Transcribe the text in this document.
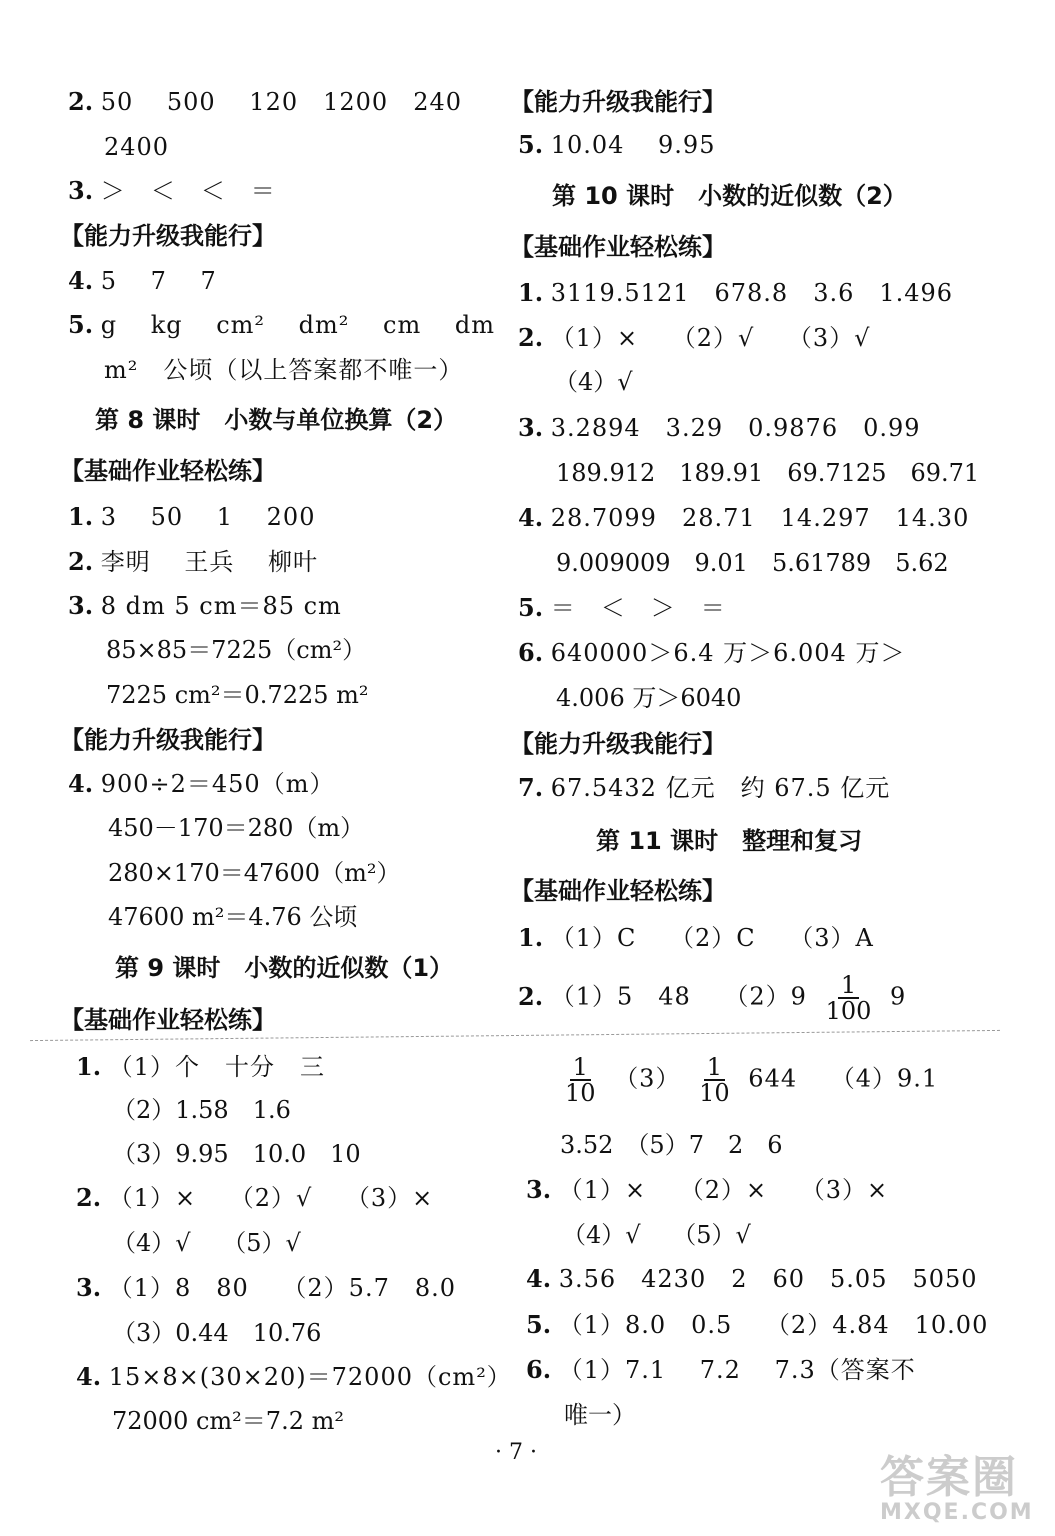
2. 50　 500　 120　1200　240
2400
3. ＞　＜　＜　＝
【能力升级我能行】
4. 5　 7　 7
5. g　 kg　 cm²　 dm²　 cm　 dm
m²　公顷（以上答案都不唯一）
第 8 课时　小数与单位换算（2）
【基础作业轻松练】
1. 3　 50　 1　 200
2. 李明　 王兵　 柳叶
3. 8 dm 5 cm＝85 cm
85×85＝7225（cm²）
7225 cm²＝0.7225 m²
【能力升级我能行】
4. 900÷2＝450（m）
450－170＝280（m）
280×170＝47600（m²）
47600 m²＝4.76 公顷
第 9 课时　小数的近似数（1）
【基础作业轻松练】
1. （1）个　十分　三
（2）1.58　1.6
（3）9.95　10.0　10
2. （1）×　 （2）√　 （3）×
（4）√　 （5）√
3. （1）8　80　 （2）5.7　8.0
（3）0.44　10.76
4. 15×8×(30×20)＝72000（cm²）
72000 cm²＝7.2 m²
【能力升级我能行】
5. 10.04　 9.95
第 10 课时　小数的近似数（2）
【基础作业轻松练】
1. 3119.5121　678.8　3.6　1.496
2. （1）×　 （2）√　 （3）√
（4）√
3. 3.2894　3.29　0.9876　0.99
189.912　189.91　69.7125　69.71
4. 28.7099　28.71　14.297　14.30
9.009009　9.01　5.61789　5.62
5. ＝　＜　＞　＝
6. 640000＞6.4 万＞6.004 万＞
4.006 万＞6040
【能力升级我能行】
7. 67.5432 亿元　约 67.5 亿元
第 11 课时　整理和复习
【基础作业轻松练】
1. （1）C　 （2）C　 （3）A
2. （1）5　48　 $(2)9 \frac{1}{100} 9$
$\frac{1}{10} (3) \frac{1}{10} 644$　 （4）9.1
3.52　（5）7　2　6
3. （1）×　 （2）×　 （3）×
（4）√　 （5）√
4. 3.56　4230　2　60　5.05　5050
5. （1）8.0　0.5　 （2）4.84　10.00
6. （1）7.1　 7.2　 7.3（答案不
唯一）
· 7 ·	答案圈
MXQE.COM
